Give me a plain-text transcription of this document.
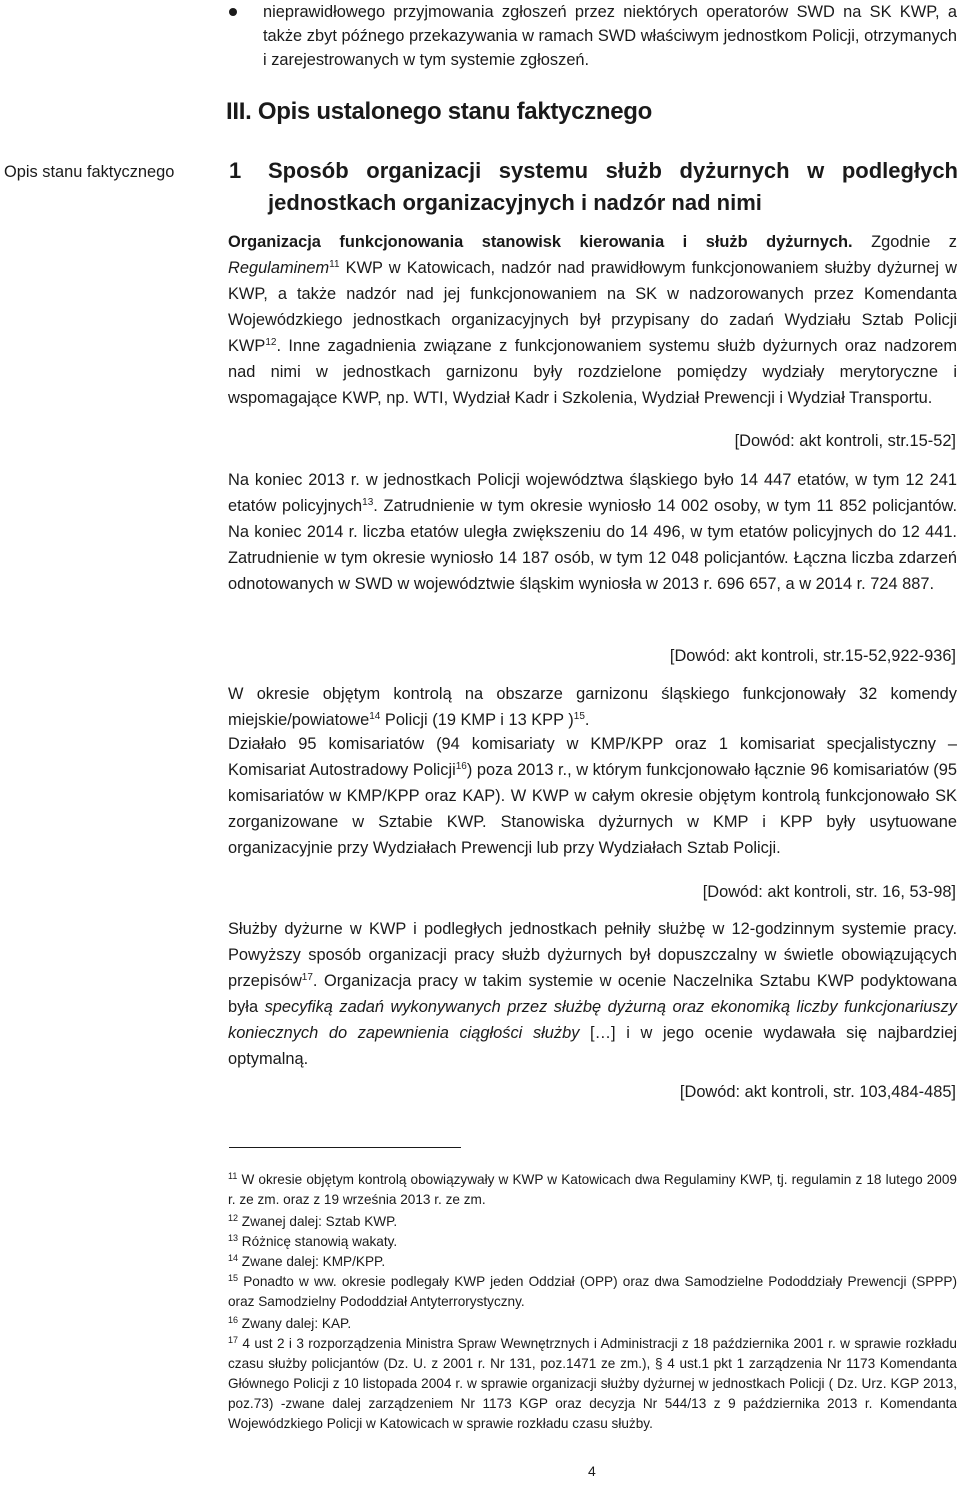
nieprawidłowego przyjmowania zgłoszeń przez niektórych operatorów SWD na SK KWP, a także zbyt późnego przekazywania w ramach SWD właściwym jednostkom Policji, otrzymanych i zarejestrowanych w tym systemie zgłoszeń.
III. Opis ustalonego stanu faktycznego
Opis stanu faktycznego 1 Sposób organizacji systemu służb dyżurnych w podległych jednostkach organizacyjnych i nadzór nad nimi
Organizacja funkcjonowania stanowisk kierowania i służb dyżurnych. Zgodnie z Regulaminem$^{11}$ KWP w Katowicach, nadzór nad prawidłowym funkcjonowaniem służby dyżurnej w KWP, a także nadzór nad jej funkcjonowaniem na SK w nadzorowanych przez Komendanta Wojewódzkiego jednostkach organizacyjnych był przypisany do zadań Wydziału Sztab Policji KWP$^{12}$. Inne zagadnienia związane z funkcjonowaniem systemu służb dyżurnych oraz nadzorem nad nimi w jednostkach garnizonu były rozdzielone pomiędzy wydziały merytoryczne i wspomagające KWP, np. WTI, Wydział Kadr i Szkolenia, Wydział Prewencji i Wydział Transportu.
[Dowód: akt kontroli, str.15-52]
Na koniec 2013 r. w jednostkach Policji województwa śląskiego było 14 447 etatów, w tym 12 241 etatów policyjnych$^{13}$. Zatrudnienie w tym okresie wyniosło 14 002 osoby, w tym 11 852 policjantów. Na koniec 2014 r. liczba etatów uległa zwiększeniu do 14 496, w tym etatów policyjnych do 12 441. Zatrudnienie w tym okresie wyniosło 14 187 osób, w tym 12 048 policjantów. Łączna liczba zdarzeń odnotowanych w SWD w województwie śląskim wyniosła w 2013 r. 696 657, a w 2014 r. 724 887.
[Dowód: akt kontroli, str.15-52,922-936]
W okresie objętym kontrolą na obszarze garnizonu śląskiego funkcjonowały 32 komendy miejskie/powiatowe$^{14}$ Policji (19 KMP i 13 KPP )$^{15}$.
Działało 95 komisariatów (94 komisariaty w KMP/KPP oraz 1 komisariat specjalistyczny – Komisariat Autostradowy Policji$^{16}$) poza 2013 r., w którym funkcjonowało łącznie 96 komisariatów (95 komisariatów w KMP/KPP oraz KAP). W KWP w całym okresie objętym kontrolą funkcjonowało SK zorganizowane w Sztabie KWP. Stanowiska dyżurnych w KMP i KPP były usytuowane organizacyjnie przy Wydziałach Prewencji lub przy Wydziałach Sztab Policji.
[Dowód: akt kontroli, str. 16, 53-98]
Służby dyżurne w KWP i podległych jednostkach pełniły służbę w 12-godzinnym systemie pracy. Powyższy sposób organizacji pracy służb dyżurnych był dopuszczalny w świetle obowiązujących przepisów$^{17}$. Organizacja pracy w takim systemie w ocenie Naczelnika Sztabu KWP podyktowana była specyfiką zadań wykonywanych przez służbę dyżurną oraz ekonomiką liczby funkcjonariuszy koniecznych do zapewnienia ciągłości służby […] i w jego ocenie wydawała się najbardziej optymalną.
[Dowód: akt kontroli, str. 103,484-485]
$^{11}$ W okresie objętym kontrolą obowiązywały w KWP w Katowicach dwa Regulaminy KWP, tj. regulamin z 18 lutego 2009 r. ze zm. oraz z 19 września 2013 r. ze zm.
$^{12}$ Zwanej dalej: Sztab KWP.
$^{13}$ Różnicę stanowią wakaty.
$^{14}$ Zwane dalej: KMP/KPP.
$^{15}$ Ponadto w ww. okresie podlegały KWP jeden Oddział (OPP) oraz dwa Samodzielne Pododdziały Prewencji (SPPP) oraz Samodzielny Pododdział Antyterrorystyczny.
$^{16}$ Zwany dalej: KAP.
$^{17}$ 4 ust 2 i 3 rozporządzenia Ministra Spraw Wewnętrznych i Administracji z 18 października 2001 r. w sprawie rozkładu czasu służby policjantów (Dz. U. z 2001 r. Nr 131, poz.1471 ze zm.), § 4 ust.1 pkt 1 zarządzenia Nr 1173 Komendanta Głównego Policji z 10 listopada 2004 r. w sprawie organizacji służby dyżurnej w jednostkach Policji ( Dz. Urz. KGP 2013, poz.73) -zwane dalej zarządzeniem Nr 1173 KGP oraz decyzja Nr 544/13 z 9 października 2013 r. Komendanta Wojewódzkiego Policji w Katowicach w sprawie rozkładu czasu służby.
4
